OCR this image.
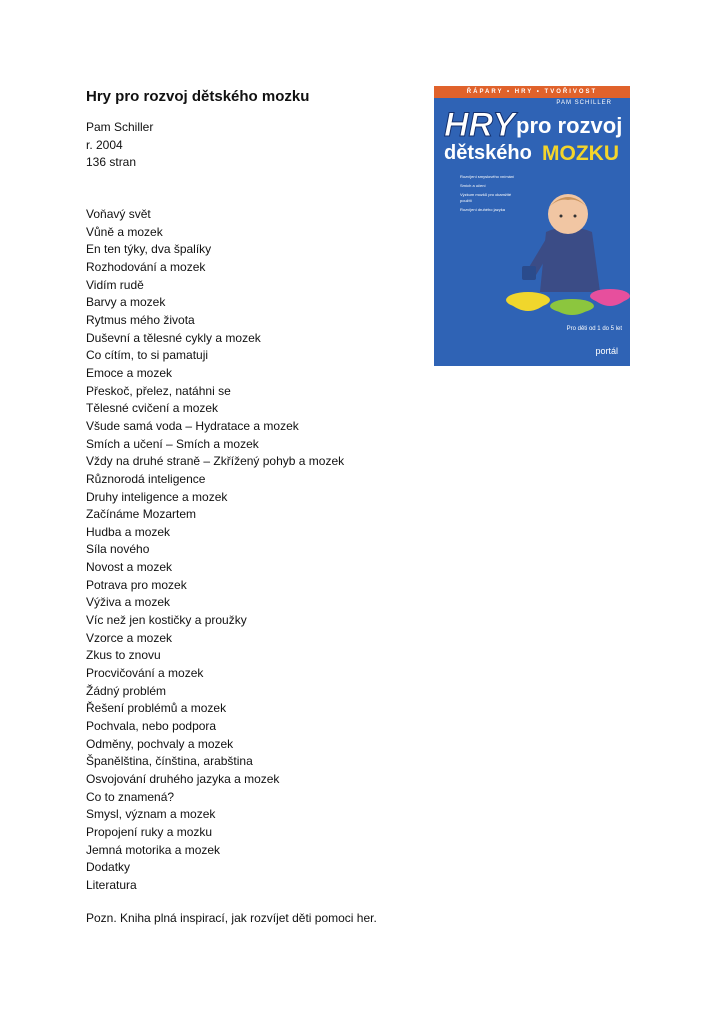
Hry pro rozvoj dětského mozku
Pam Schiller
r. 2004
136 stran
Voňavý svět
Vůně a mozek
En ten týky, dva špalíky
Rozhodování a mozek
Vidím rudě
Barvy a mozek
Rytmus mého života
Duševní a tělesné cykly a mozek
Co cítím, to si pamatuji
Emoce a mozek
Přeskoč, přelez, natáhni se
Tělesné cvičení a mozek
Všude samá voda – Hydratace a mozek
Smích a učení – Smích a mozek
Vždy na druhé straně – Zkřížený pohyb a mozek
Různorodá inteligence
Druhy inteligence a mozek
Začínáme Mozartem
Hudba a mozek
Síla nového
Novost a mozek
Potrava pro mozek
Výživa a mozek
Víc než jen kostičky a proužky
Vzorce a mozek
Zkus to znovu
Procvičování a mozek
Žádný problém
Řešení problémů a mozek
Pochvala, nebo podpora
Odměny, pochvaly a mozek
Španělština, čínština, arabština
Osvojování druhého jazyka a mozek
Co to znamená?
Smysl, význam a mozek
Propojení ruky a mozku
Jemná motorika a mozek
Dodatky
Literatura
Pozn. Kniha plná inspirací, jak rozvíjet děti pomoci her.
ŘÁPARY • HRY • TVOŘIVOST
PAM SCHILLER
HRY pro rozvoj
dětského MOZKU
Rozvíjení smyslového vnímání
Smích a učení
Výzkum mozků pro okamžité použití
Rozvíjení druhého jazyka
Pro děti od 1 do 5 let
portál
